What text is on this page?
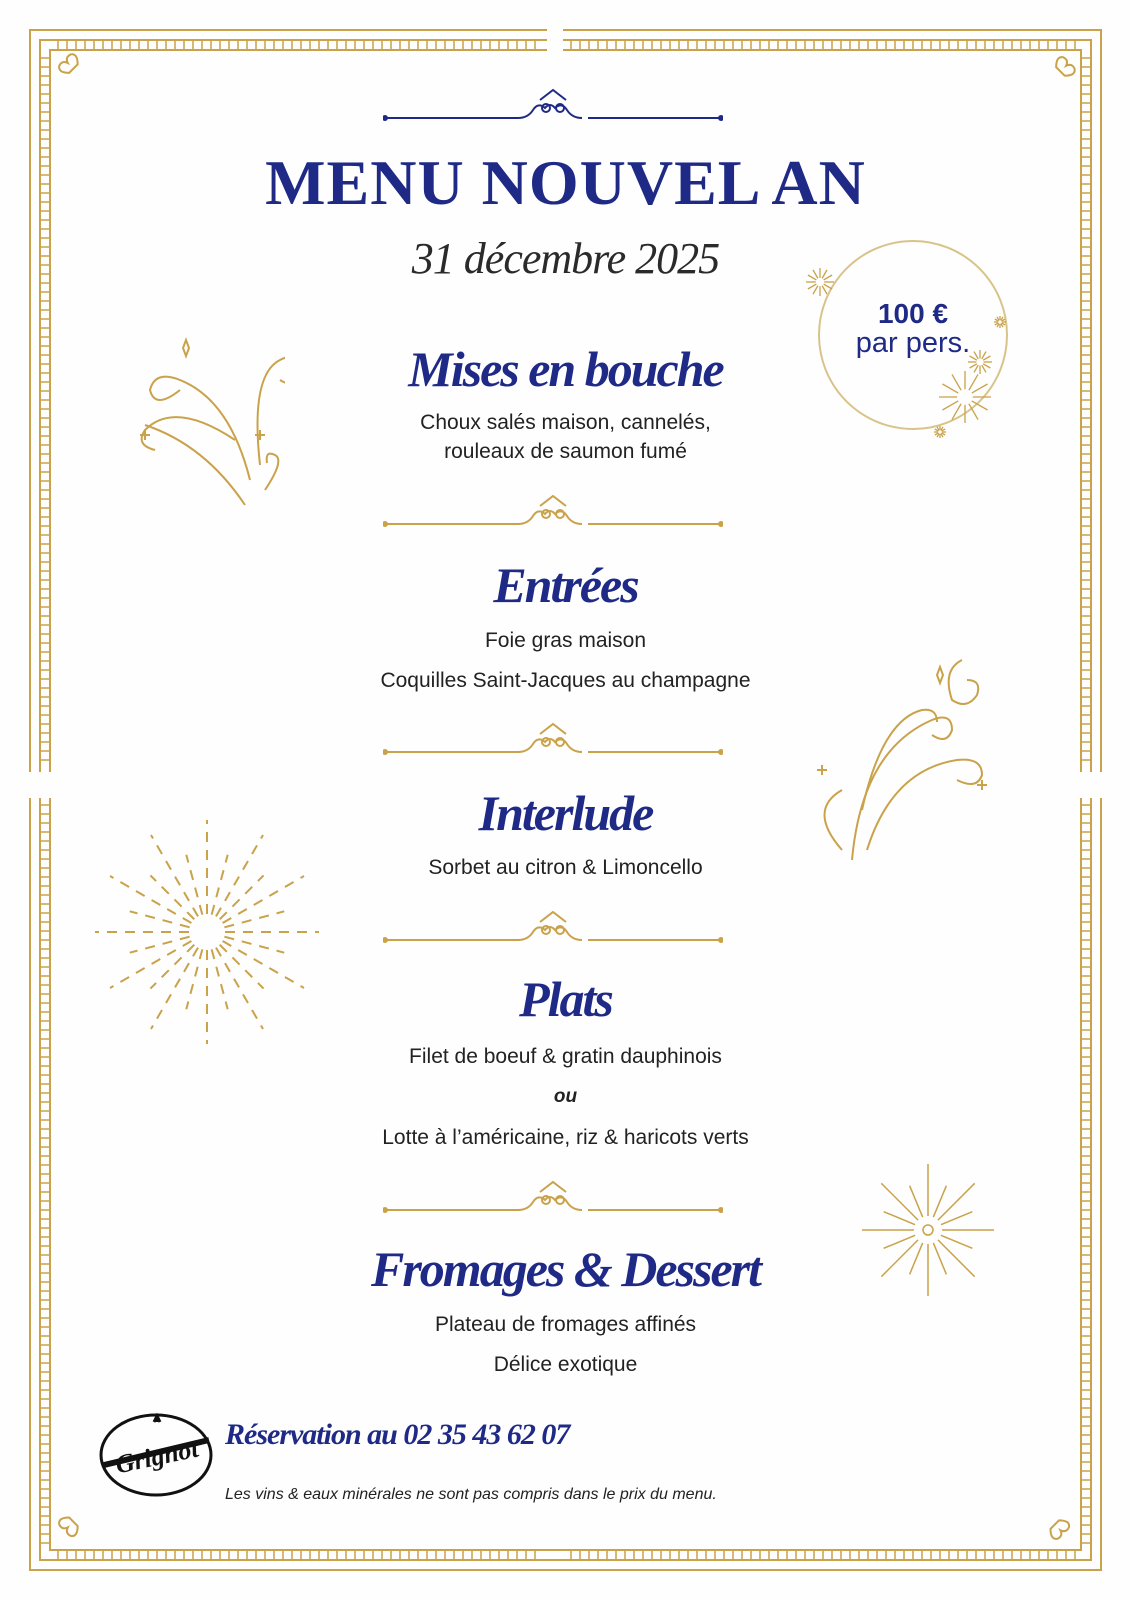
MENU NOUVEL AN

31 décembre 2025

100 €
par pers.
Mises en bouche

Choux salés maison, cannelés,

rouleaux de saumon fumé

Entrées

Foie gras maison

Coquilles Saint-Jacques au champagne

Interlude

Sorbet au citron & Limoncello

Plats

Filet de boeuf & gratin dauphinois

ou

Lotte à l’américaine, riz & haricots verts

Fromages & Dessert

Plateau de fromages affinés

Délice exotique

Grignot Réservation au 02 35 43 62 07

Les vins & eaux minérales ne sont pas compris dans le prix du menu.
